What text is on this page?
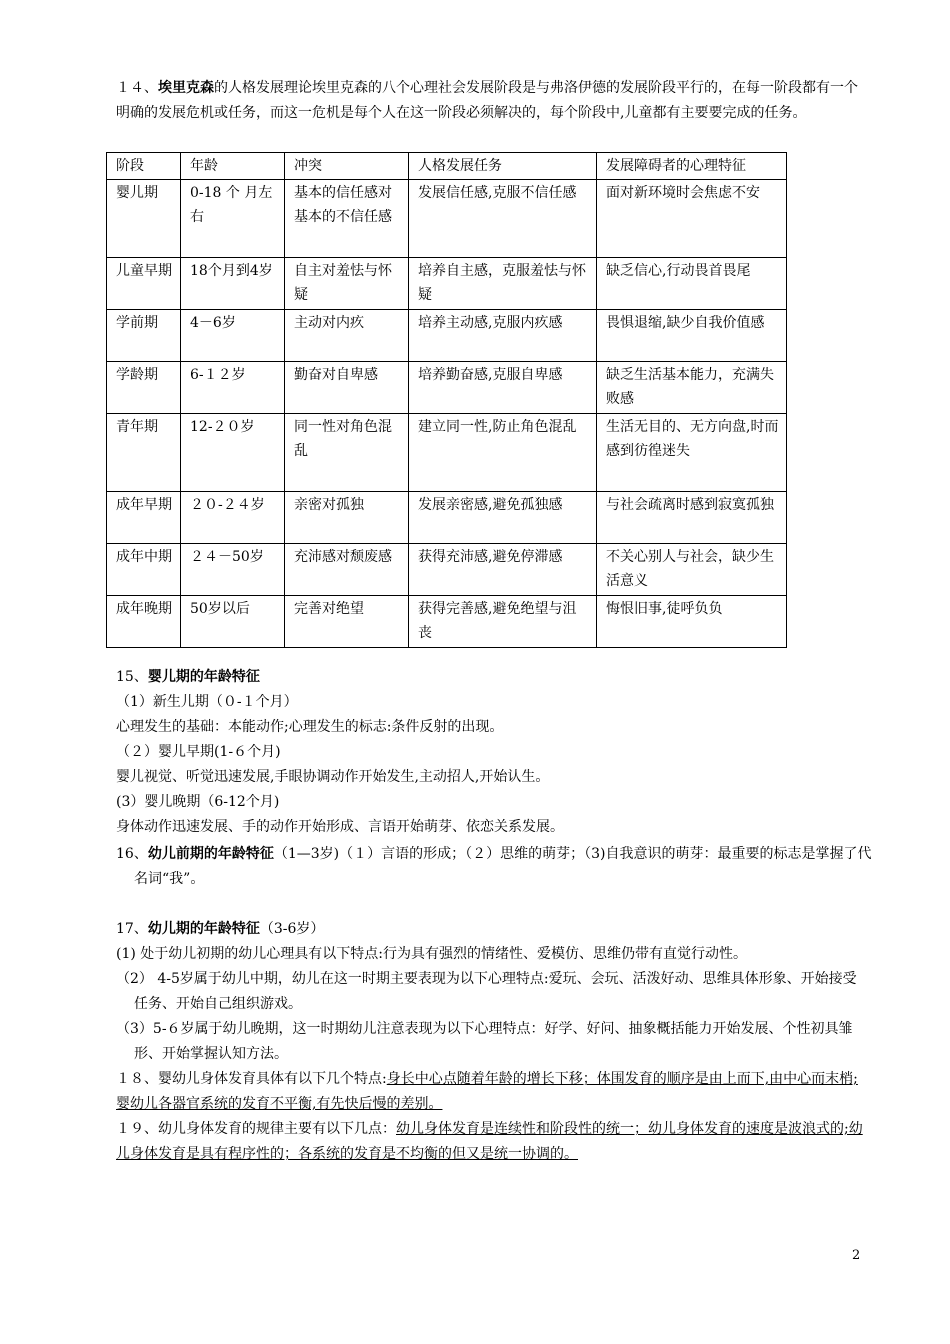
１４、埃里克森的人格发展理论埃里克森的八个心理社会发展阶段是与弗洛伊德的发展阶段平行的，在每一阶段都有一个明确的发展危机或任务，而这一危机是每个人在这一阶段必须解决的，每个阶段中,儿童都有主要要完成的任务。
阶段	年龄	冲突	人格发展任务	发展障碍者的心理特征
婴儿期	0-18 个 月左右	基本的信任感对基本的不信任感	发展信任感,克服不信任感	面对新环境时会焦虑不安
儿童早期	18个月到4岁	自主对羞怯与怀疑	培养自主感，克服羞怯与怀疑	缺乏信心,行动畏首畏尾
学前期	4－6岁	主动对内疚	培养主动感,克服内疚感	畏惧退缩,缺少自我价值感
学龄期	6-１２岁	勤奋对自卑感	培养勤奋感,克服自卑感	缺乏生活基本能力，充满失败感
青年期	12-２０岁	同一性对角色混乱	建立同一性,防止角色混乱	生活无目的、无方向盘,时而感到彷徨迷失
成年早期	２０-２４岁	亲密对孤独	发展亲密感,避免孤独感	与社会疏离时感到寂寞孤独
成年中期	２４－50岁	充沛感对颓废感	获得充沛感,避免停滞感	不关心别人与社会，缺少生活意义
成年晚期	50岁以后	完善对绝望	获得完善感,避免绝望与沮丧	悔恨旧事,徒呼负负
15、婴儿期的年龄特征
（1）新生儿期（０-１个月）
心理发生的基础：本能动作;心理发生的标志:条件反射的出现。
（２）婴儿早期(1-６个月)
婴儿视觉、听觉迅速发展,手眼协调动作开始发生,主动招人,开始认生。
(3）婴儿晚期（6-12个月)
身体动作迅速发展、手的动作开始形成、言语开始萌芽、依恋关系发展。
16、幼儿前期的年龄特征（1—3岁)（１）言语的形成；（２）思维的萌芽；（3)自我意识的萌芽：最重要的标志是掌握了代名词“我”。
17、幼儿期的年龄特征（3-6岁）
(1) 处于幼儿初期的幼儿心理具有以下特点:行为具有强烈的情绪性、爱模仿、思维仍带有直觉行动性。
（2） 4-5岁属于幼儿中期，幼儿在这一时期主要表现为以下心理特点:爱玩、会玩、活泼好动、思维具体形象、开始接受任务、开始自己组织游戏。
（3）5-６岁属于幼儿晚期，这一时期幼儿注意表现为以下心理特点：好学、好问、抽象概括能力开始发展、个性初具雏形、开始掌握认知方法。
１８、婴幼儿身体发育具体有以下几个特点:身长中心点随着年龄的增长下移；体围发育的顺序是由上而下,由中心而末梢;婴幼儿各器官系统的发育不平衡,有先快后慢的差别。
１９、幼儿身体发育的规律主要有以下几点：幼儿身体发育是连续性和阶段性的统一；幼儿身体发育的速度是波浪式的;幼儿身体发育是具有程序性的；各系统的发育是不均衡的但又是统一协调的。
2
